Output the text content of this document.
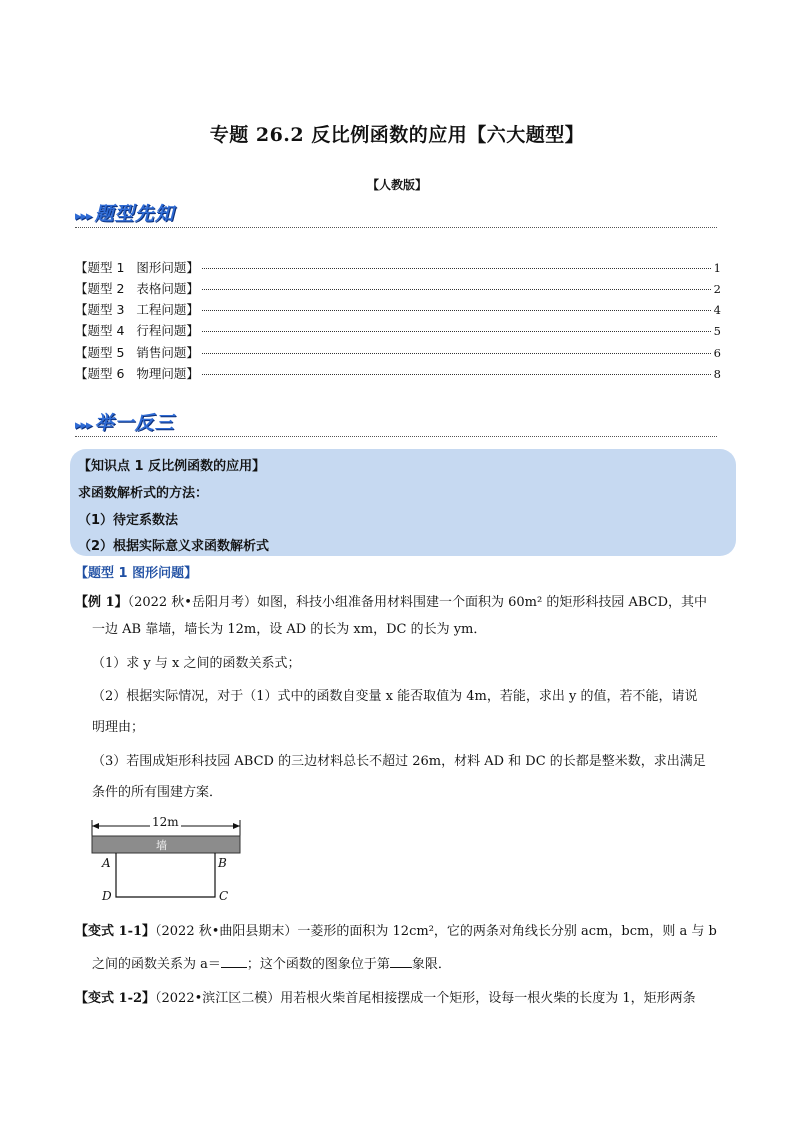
专题 26.2 反比例函数的应用【六大题型】
【人教版】
▸▸▸ 题型先知
【题型 1   图形问题】	1
【题型 2   表格问题】	2
【题型 3   工程问题】	4
【题型 4   行程问题】	5
【题型 5   销售问题】	6
【题型 6   物理问题】	8
▸▸▸ 举一反三
【知识点 1 反比例函数的应用】
求函数解析式的方法：
（1）待定系数法
（2）根据实际意义求函数解析式
【题型 1 图形问题】
【例 1】（2022 秋•岳阳月考）如图，科技小组准备用材料围建一个面积为 60m² 的矩形科技园 ABCD，其中
一边 AB 靠墙，墙长为 12m，设 AD 的长为 xm，DC 的长为 ym．
（1）求 y 与 x 之间的函数关系式；
（2）根据实际情况，对于（1）式中的函数自变量 x 能否取值为 4m，若能，求出 y 的值，若不能，请说
明理由；
（3）若围成矩形科技园 ABCD 的三边材料总长不超过 26m，材料 AD 和 DC 的长都是整米数，求出满足
条件的所有围建方案．
12m
墙
A	B
C
D
【变式 1-1】（2022 秋•曲阳县期末）一菱形的面积为 12cm²，它的两条对角线长分别 acm，bcm，则 a 与 b
之间的函数关系为 a＝ ；这个函数的图象位于第 象限．
【变式 1-2】（2022•滨江区二模）用若根火柴首尾相接摆成一个矩形，设每一根火柴的长度为 1，矩形两条
